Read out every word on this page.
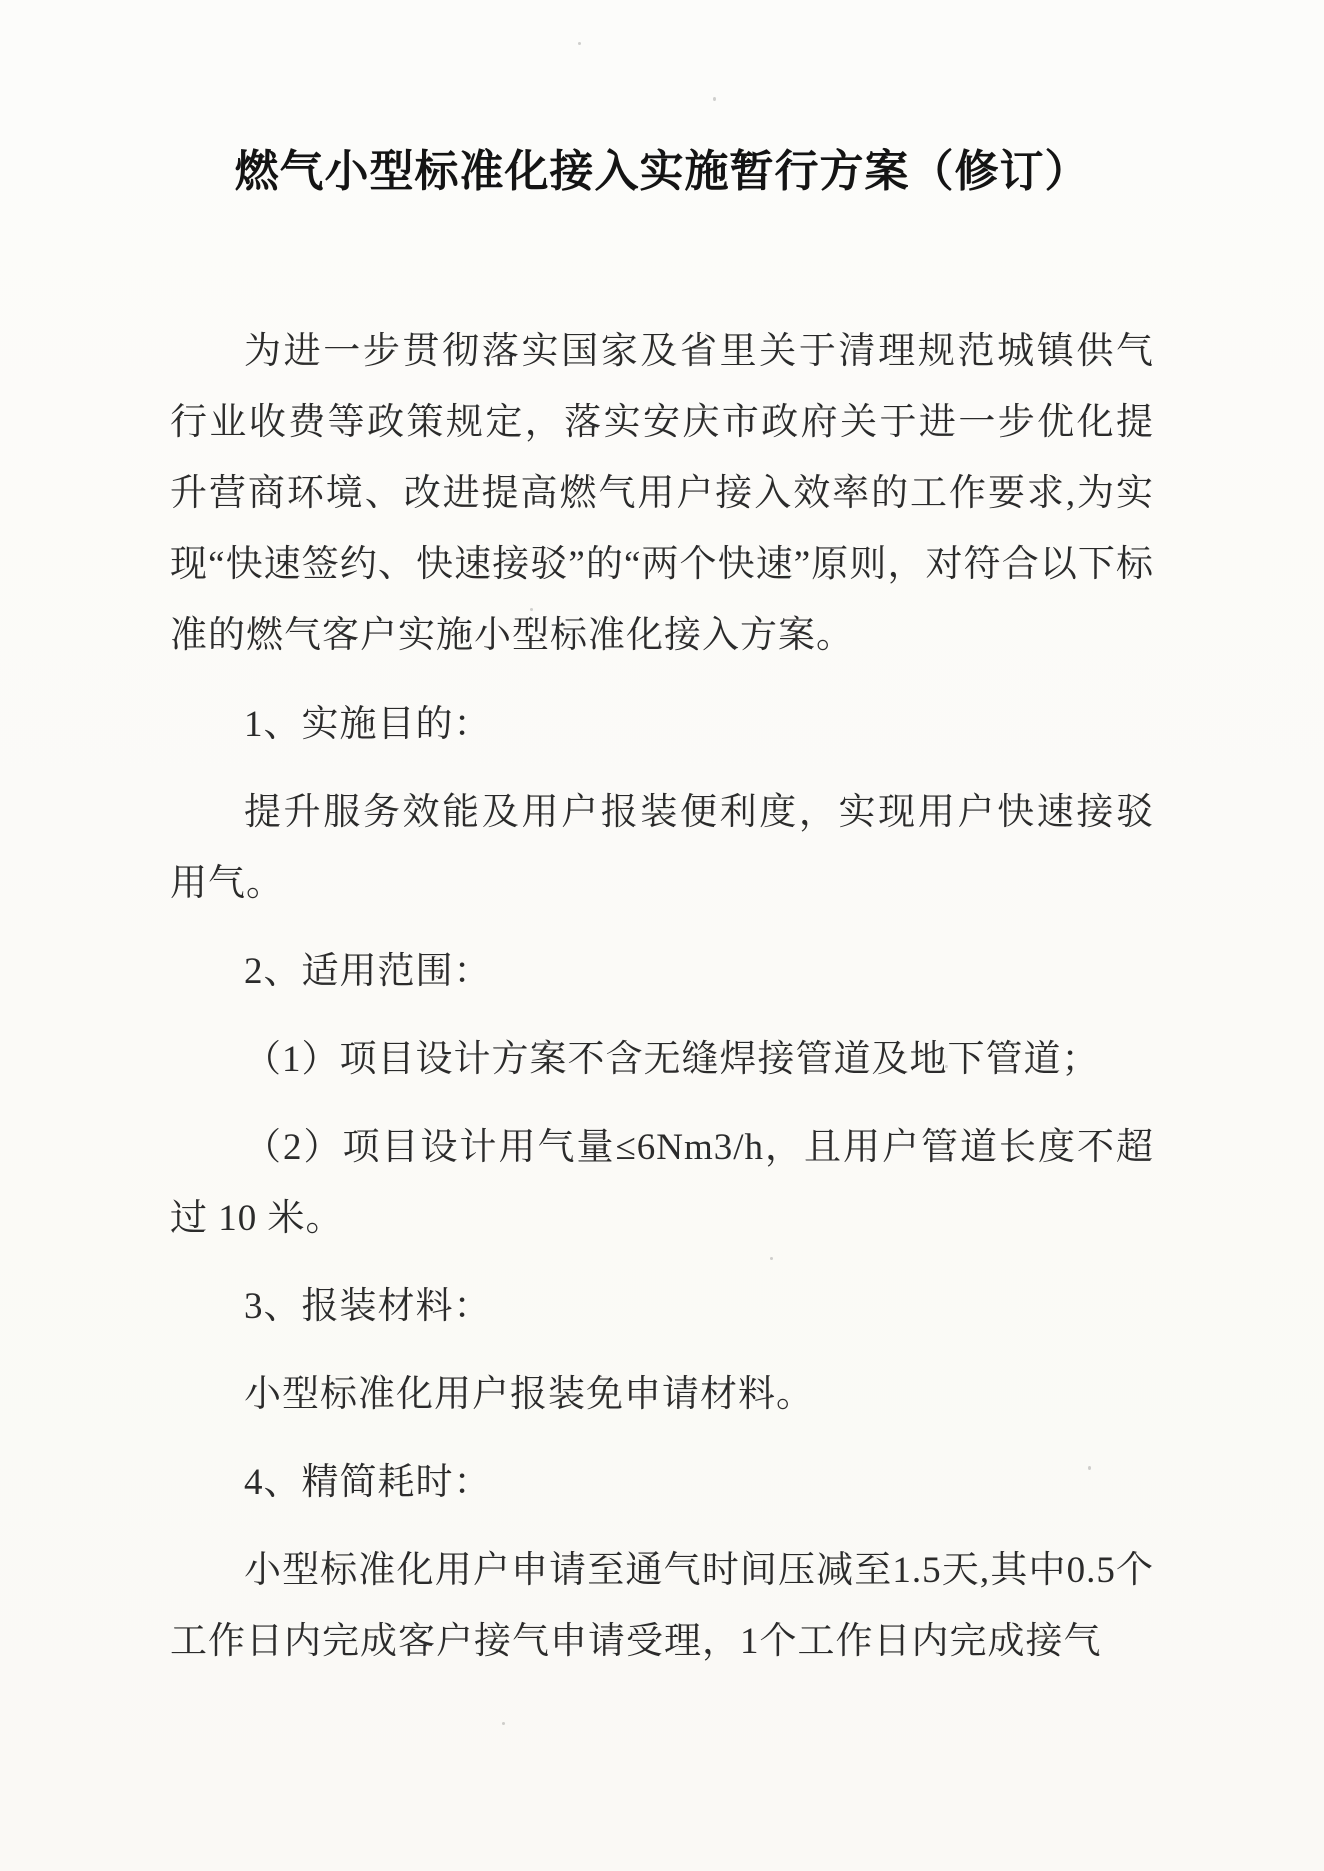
燃气小型标准化接入实施暂行方案（修订）

为进一步贯彻落实国家及省里关于清理规范城镇供气行业收费等政策规定，落实安庆市政府关于进一步优化提升营商环境、改进提高燃气用户接入效率的工作要求,为实现“快速签约、快速接驳”的“两个快速”原则，对符合以下标准的燃气客户实施小型标准化接入方案。

1、实施目的：

提升服务效能及用户报装便利度，实现用户快速接驳用气。

2、适用范围：

（1）项目设计方案不含无缝焊接管道及地下管道；

（2）项目设计用气量≤6Nm3/h，且用户管道长度不超过 10 米。

3、报装材料：

小型标准化用户报装免申请材料。

4、精简耗时：

小型标准化用户申请至通气时间压减至1.5天,其中0.5个工作日内完成客户接气申请受理，1个工作日内完成接气
